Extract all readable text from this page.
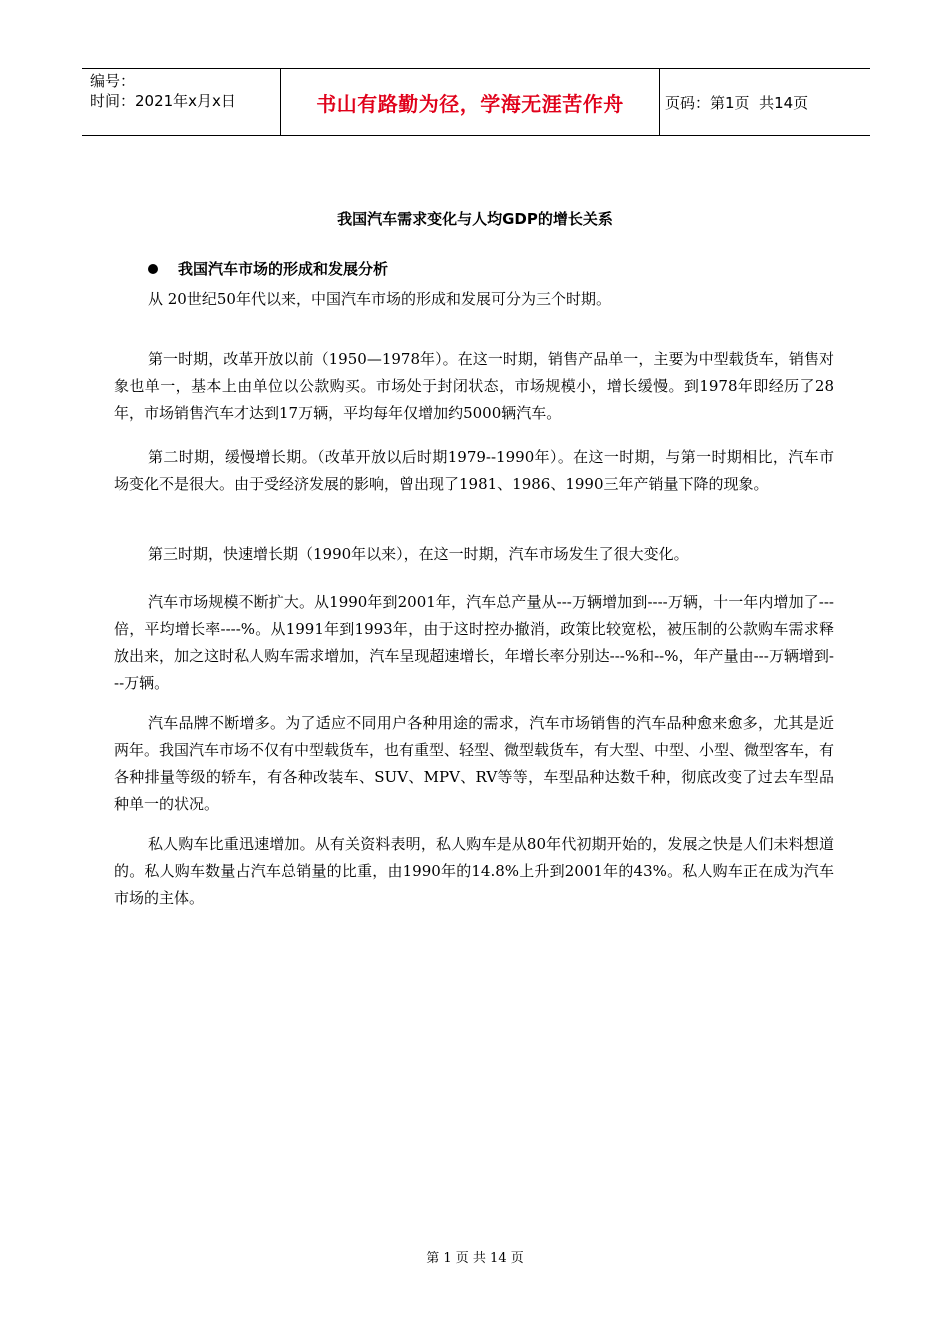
编号：
时间：2021年x月x日	书山有路勤为径，学海无涯苦作舟	页码：第1页  共14页
我国汽车需求变化与人均GDP的增长关系
我国汽车市场的形成和发展分析

从 20世纪50年代以来，中国汽车市场的形成和发展可分为三个时期。

第一时期，改革开放以前（1950—1978年）。在这一时期，销售产品单一，主要为中型载货车，销售对象也单一，基本上由单位以公款购买。市场处于封闭状态，市场规模小，增长缓慢。到1978年即经历了28年，市场销售汽车才达到17万辆，平均每年仅增加约5000辆汽车。

第二时期，缓慢增长期。（改革开放以后时期1979--1990年）。在这一时期，与第一时期相比，汽车市场变化不是很大。由于受经济发展的影响，曾出现了1981、1986、1990三年产销量下降的现象。

第三时期，快速增长期（1990年以来），在这一时期，汽车市场发生了很大变化。

汽车市场规模不断扩大。从1990年到2001年，汽车总产量从---万辆增加到----万辆，十一年内增加了---倍，平均增长率----%。从1991年到1993年，由于这时控办撤消，政策比较宽松，被压制的公款购车需求释放出来，加之这时私人购车需求增加，汽车呈现超速增长，年增长率分别达---%和--%，年产量由---万辆增到---万辆。

汽车品牌不断增多。为了适应不同用户各种用途的需求，汽车市场销售的汽车品种愈来愈多，尤其是近两年。我国汽车市场不仅有中型载货车，也有重型、轻型、微型载货车，有大型、中型、小型、微型客车，有各种排量等级的轿车，有各种改装车、SUV、MPV、RV等等，车型品种达数千种，彻底改变了过去车型品种单一的状况。

私人购车比重迅速增加。从有关资料表明，私人购车是从80年代初期开始的，发展之快是人们未料想道的。私人购车数量占汽车总销量的比重，由1990年的14.8%上升到2001年的43%。私人购车正在成为汽车市场的主体。

第 1 页 共 14 页
